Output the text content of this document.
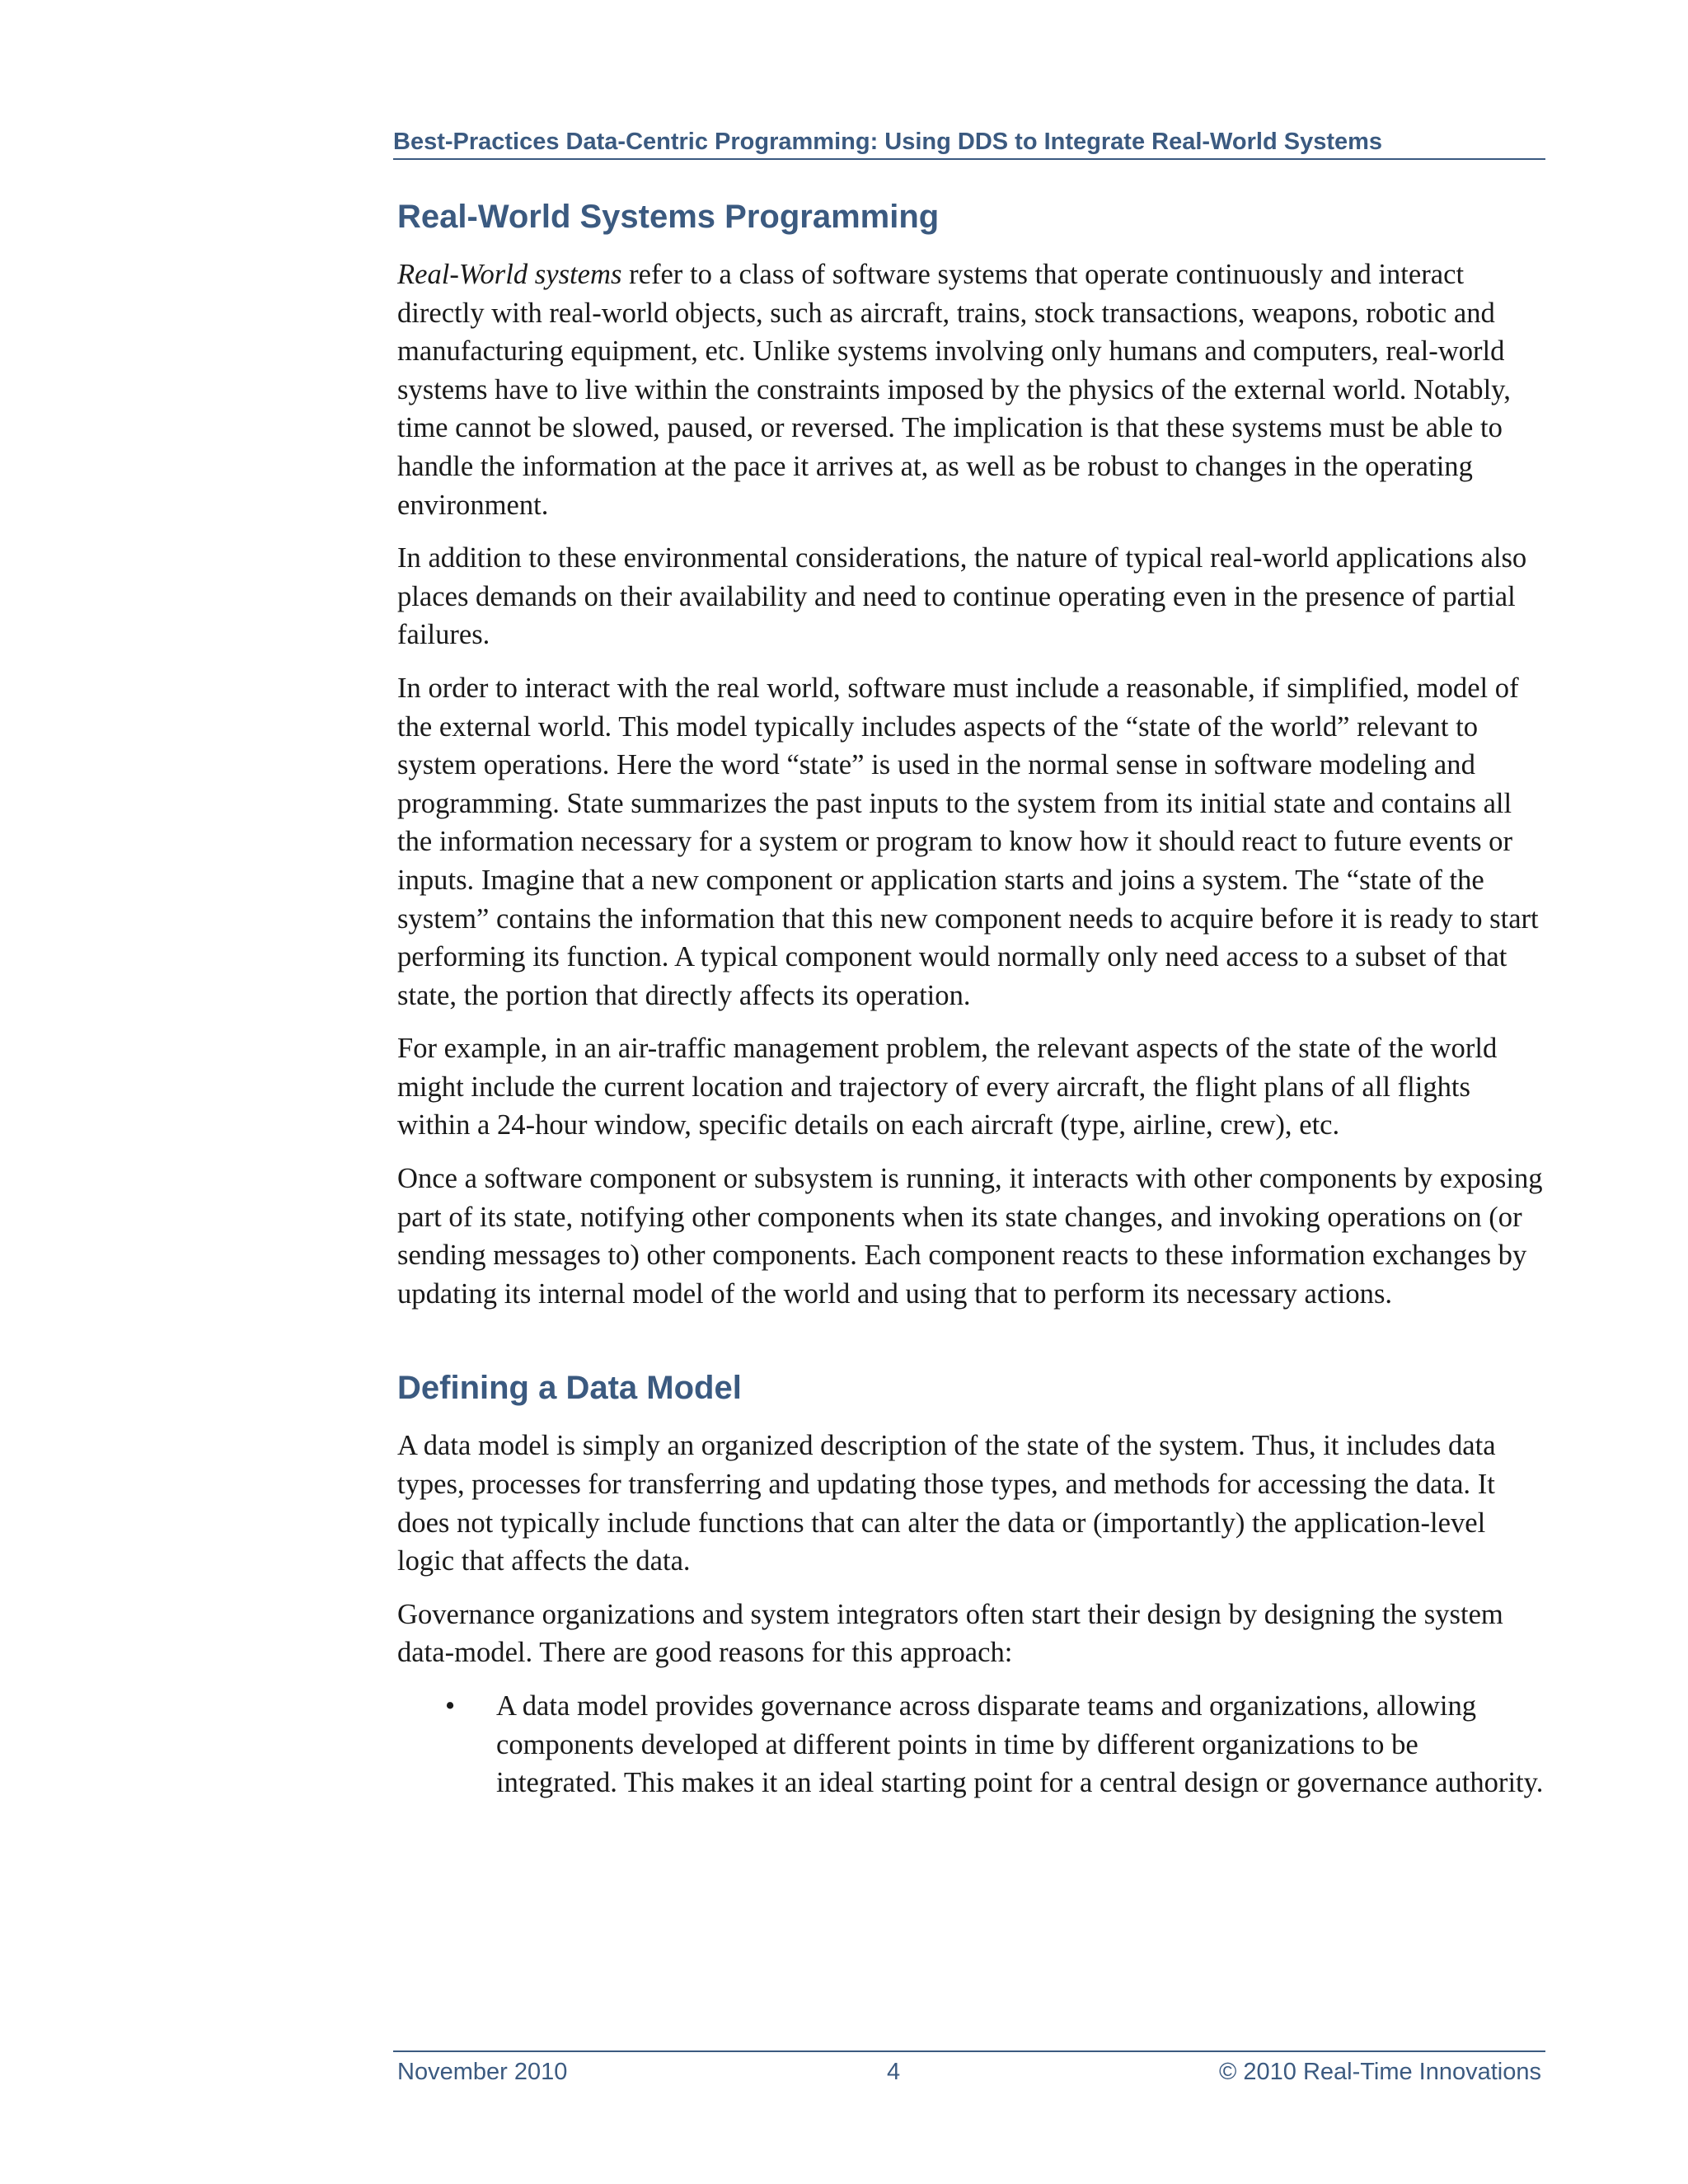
Best-Practices Data-Centric Programming: Using DDS to Integrate Real-World Systems
Real-World Systems Programming

Real-World systems refer to a class of software systems that operate continuously and interact directly with real-world objects, such as aircraft, trains, stock transactions, weapons, robotic and manufacturing equipment, etc. Unlike systems involving only humans and computers, real-world systems have to live within the constraints imposed by the physics of the external world. Notably, time cannot be slowed, paused, or reversed. The implication is that these systems must be able to handle the information at the pace it arrives at, as well as be robust to changes in the operating environment.

In addition to these environmental considerations, the nature of typical real-world applications also places demands on their availability and need to continue operating even in the presence of partial failures.

In order to interact with the real world, software must include a reasonable, if simplified, model of the external world. This model typically includes aspects of the “state of the world” relevant to system operations. Here the word “state” is used in the normal sense in software modeling and programming. State summarizes the past inputs to the system from its initial state and contains all the information necessary for a system or program to know how it should react to future events or inputs. Imagine that a new component or application starts and joins a system. The “state of the system” contains the information that this new component needs to acquire before it is ready to start performing its function. A typical component would normally only need access to a subset of that state, the portion that directly affects its operation.

For example, in an air-traffic management problem, the relevant aspects of the state of the world might include the current location and trajectory of every aircraft, the flight plans of all flights within a 24-hour window, specific details on each aircraft (type, airline, crew), etc.

Once a software component or subsystem is running, it interacts with other components by exposing part of its state, notifying other components when its state changes, and invoking operations on (or sending messages to) other components. Each component reacts to these information exchanges by updating its internal model of the world and using that to perform its necessary actions.

Defining a Data Model

A data model is simply an organized description of the state of the system. Thus, it includes data types, processes for transferring and updating those types, and methods for accessing the data. It does not typically include functions that can alter the data or (importantly) the application-level logic that affects the data.

Governance organizations and system integrators often start their design by designing the system data-model. There are good reasons for this approach:

• A data model provides governance across disparate teams and organizations, allowing components developed at different points in time by different organizations to be integrated. This makes it an ideal starting point for a central design or governance authority.
November 2010	4	© 2010 Real-Time Innovations
